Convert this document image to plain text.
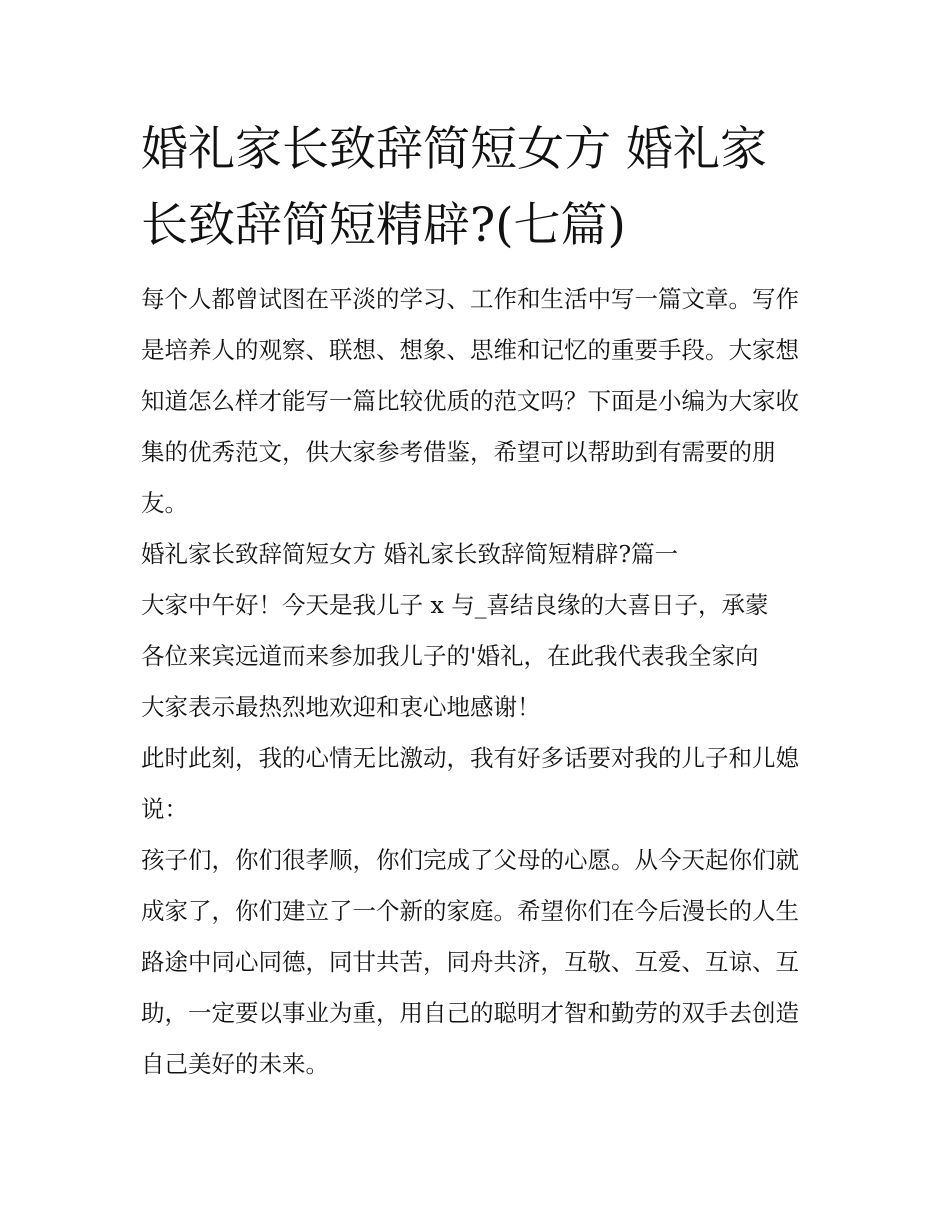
婚礼家长致辞简短女方 婚礼家
长致辞简短精辟?(七篇)

每个人都曾试图在平淡的学习、工作和生活中写一篇文章。写作是培养人的观察、联想、想象、思维和记忆的重要手段。大家想知道怎么样才能写一篇比较优质的范文吗？下面是小编为大家收集的优秀范文，供大家参考借鉴，希望可以帮助到有需要的朋友。

婚礼家长致辞简短女方 婚礼家长致辞简短精辟?篇一

大家中午好！今天是我儿子 x 与_喜结良缘的大喜日子，承蒙
各位来宾远道而来参加我儿子的'婚礼，在此我代表我全家向
大家表示最热烈地欢迎和衷心地感谢！

此时此刻，我的心情无比激动，我有好多话要对我的儿子和儿媳说：

孩子们，你们很孝顺，你们完成了父母的心愿。从今天起你们就成家了，你们建立了一个新的家庭。希望你们在今后漫长的人生路途中同心同德，同甘共苦，同舟共济，互敬、互爱、互谅、互助，一定要以事业为重，用自己的聪明才智和勤劳的双手去创造自己美好的未来。
